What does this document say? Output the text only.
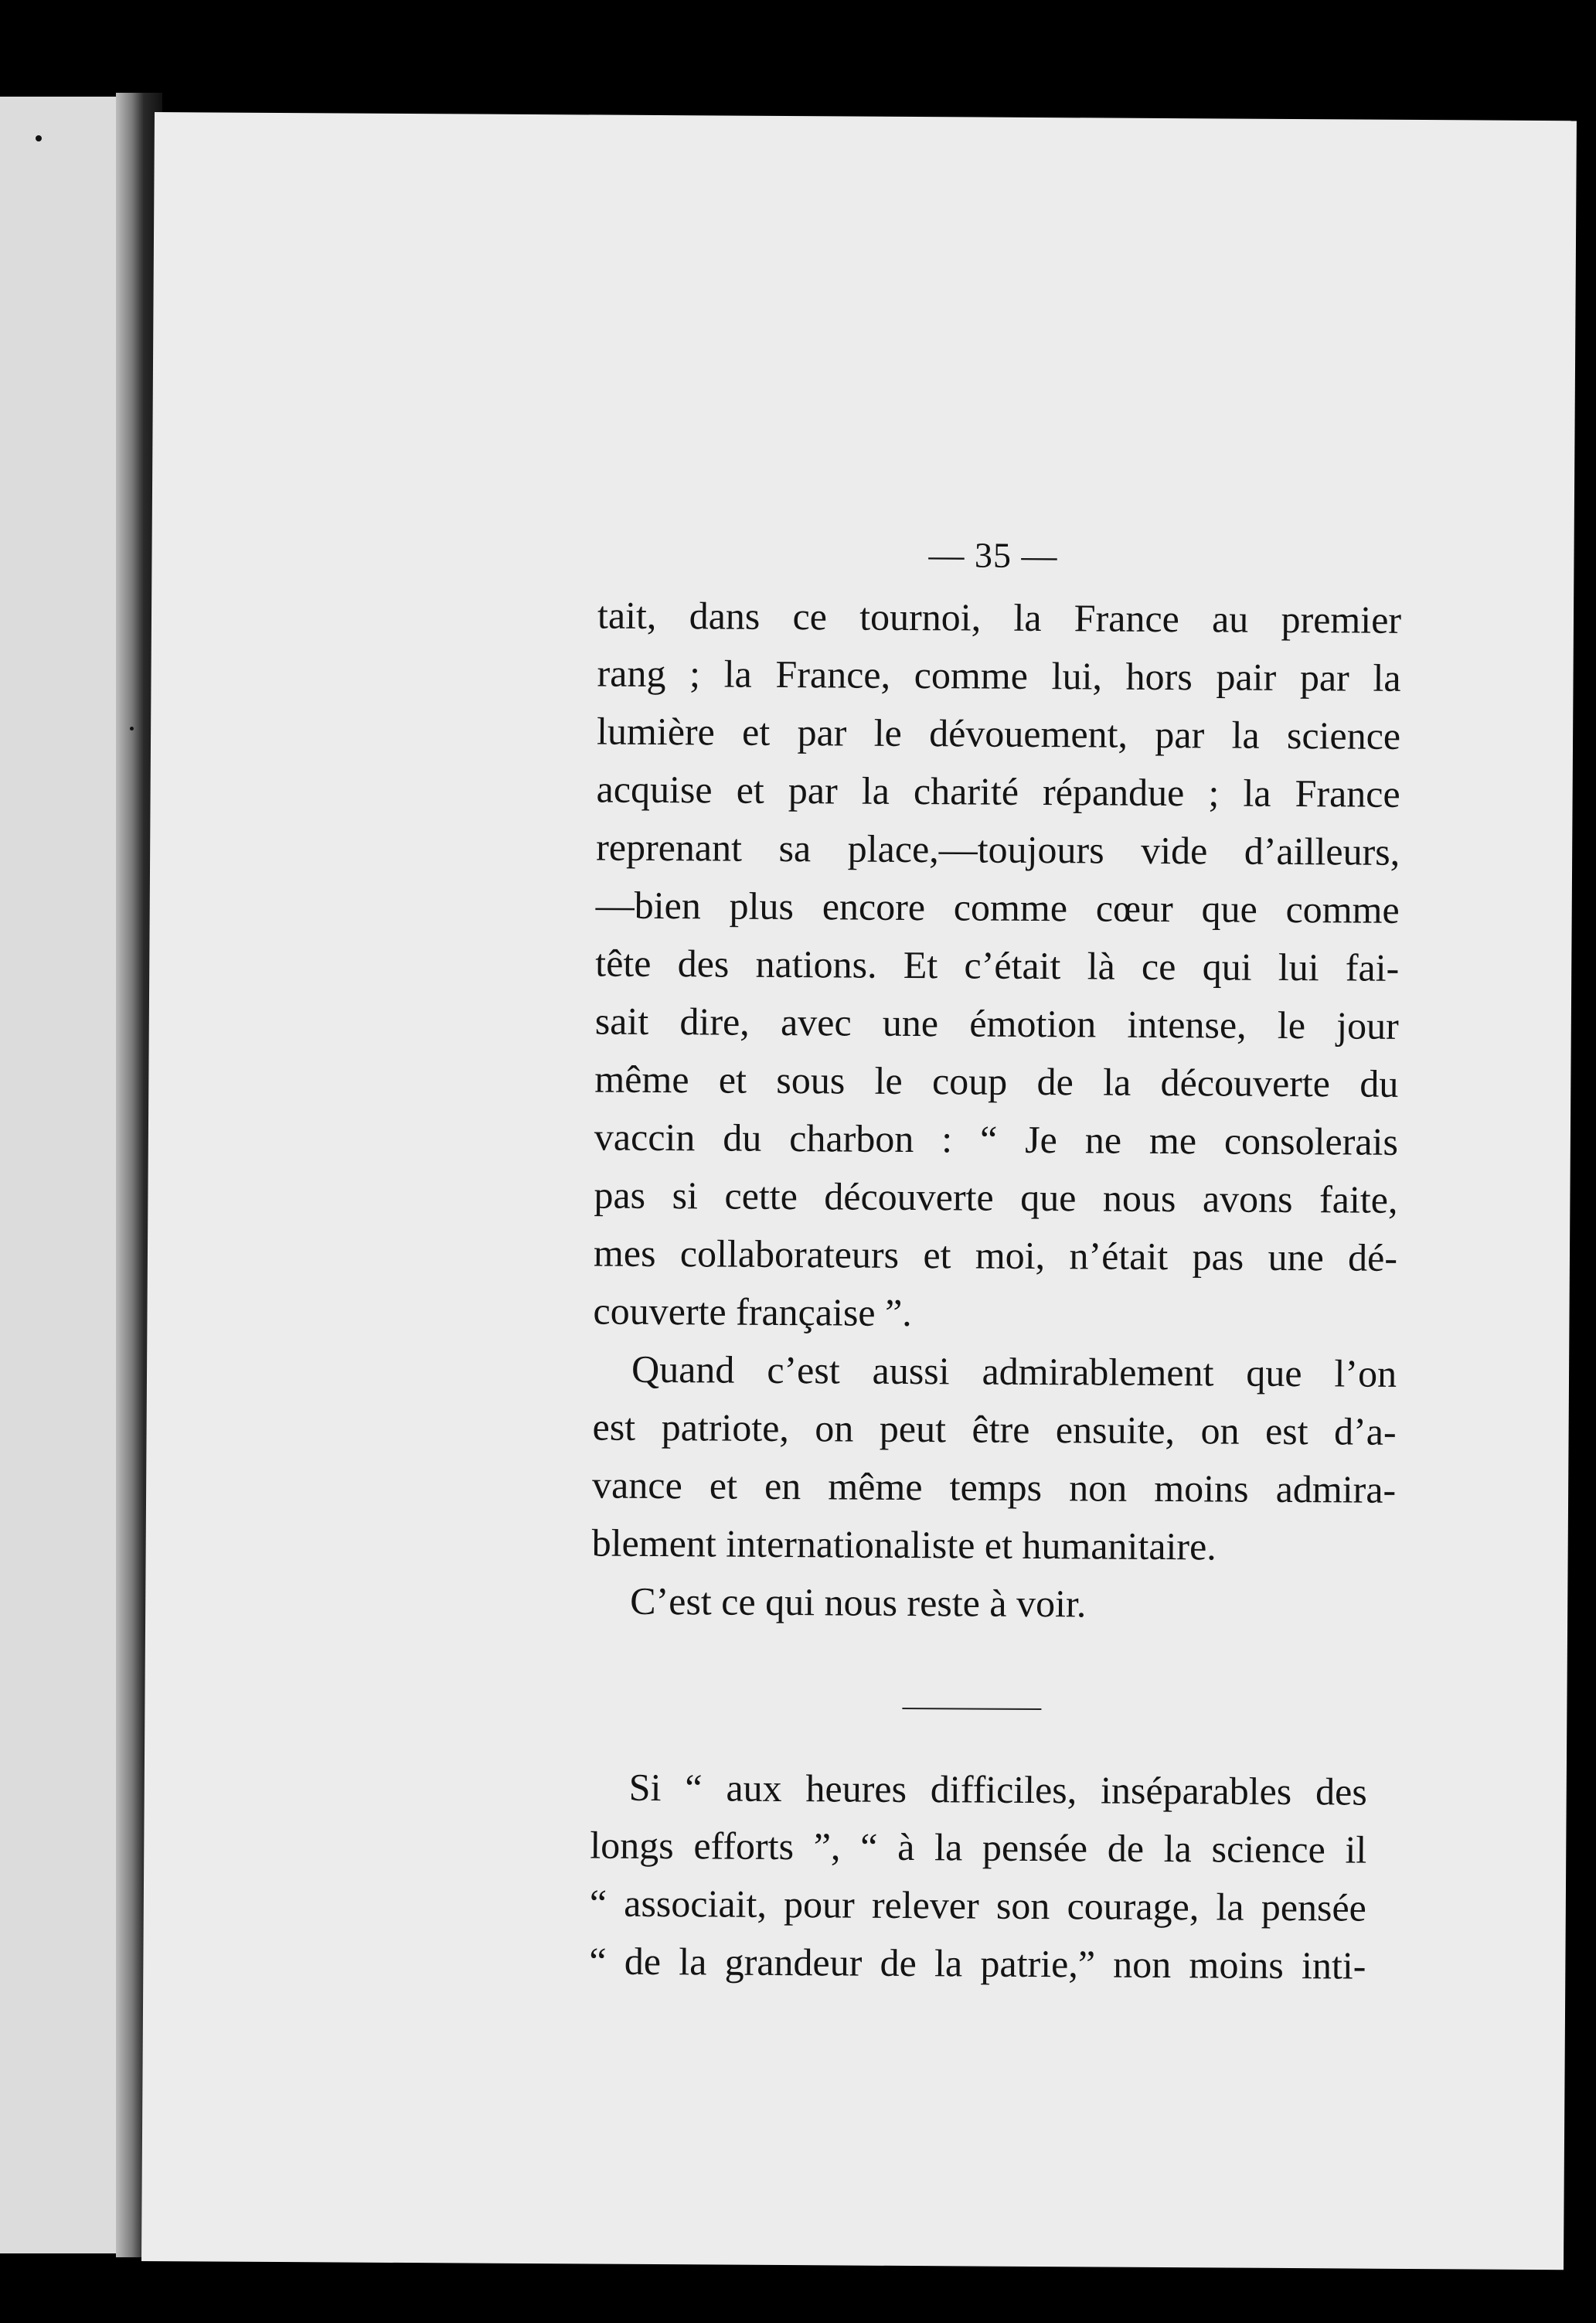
— 35 —
tait, dans ce tournoi, la France au premier
rang ; la France, comme lui, hors pair par la
lumière et par le dévouement, par la science
acquise et par la charité répandue ; la France
reprenant sa place,—toujours vide d’ailleurs,
—bien plus encore comme cœur que comme
tête des nations. Et c’était là ce qui lui fai-
sait dire, avec une émotion intense, le jour
même et sous le coup de la découverte du
vaccin du charbon : “ Je ne me consolerais
pas si cette découverte que nous avons faite,
mes collaborateurs et moi, n’était pas une dé-
couverte française ”.
Quand c’est aussi admirablement que l’on
est patriote, on peut être ensuite, on est d’a-
vance et en même temps non moins admira-
blement internationaliste et humanitaire.
C’est ce qui nous reste à voir.
Si “ aux heures difficiles, inséparables des
longs efforts ”, “ à la pensée de la science il
“ associait, pour relever son courage, la pensée
“ de la grandeur de la patrie,” non moins inti-
